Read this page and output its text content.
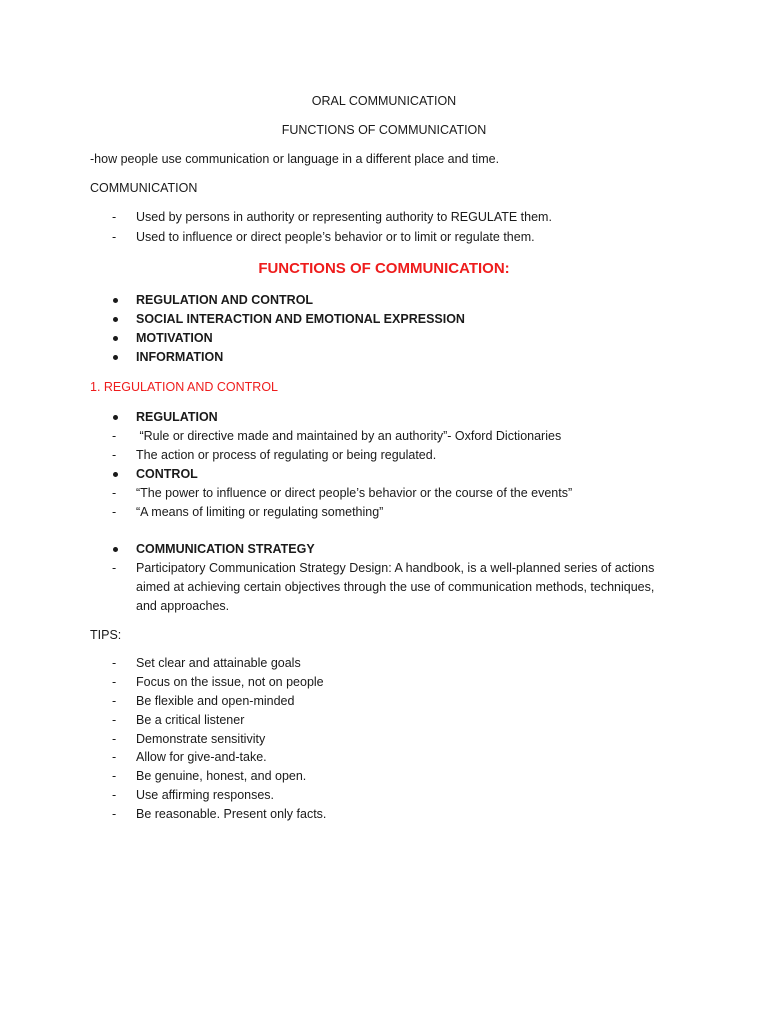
ORAL COMMUNICATION
FUNCTIONS OF COMMUNICATION
-how people use communication or language in a different place and time.
COMMUNICATION
- Used by persons in authority or representing authority to REGULATE them.
- Used to influence or direct people’s behavior or to limit or regulate them.
FUNCTIONS OF COMMUNICATION:
REGULATION AND CONTROL
SOCIAL INTERACTION AND EMOTIONAL EXPRESSION
MOTIVATION
INFORMATION
1. REGULATION AND CONTROL
REGULATION
- “Rule or directive made and maintained by an authority”- Oxford Dictionaries
- The action or process of regulating or being regulated.
CONTROL
- “The power to influence or direct people’s behavior or the course of the events”
- “A means of limiting or regulating something”
COMMUNICATION STRATEGY
- Participatory Communication Strategy Design: A handbook, is a well-planned series of actions
aimed at achieving certain objectives through the use of communication methods, techniques,
and approaches.
TIPS:
- Set clear and attainable goals
- Focus on the issue, not on people
- Be flexible and open-minded
- Be a critical listener
- Demonstrate sensitivity
- Allow for give-and-take.
- Be genuine, honest, and open.
- Use affirming responses.
- Be reasonable. Present only facts.
